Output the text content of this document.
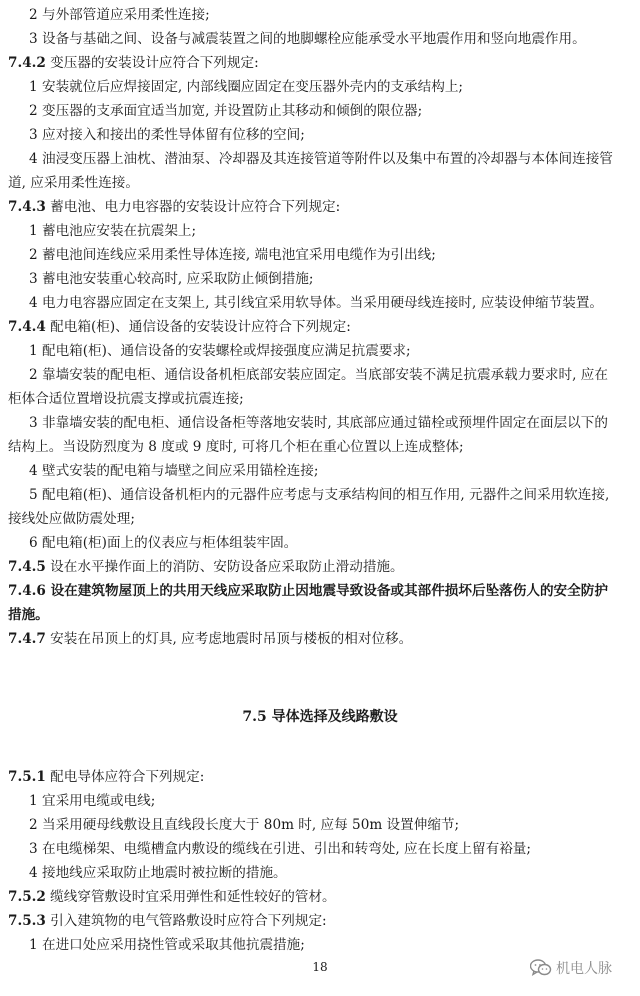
2 与外部管道应采用柔性连接;
3 设备与基础之间、设备与减震装置之间的地脚螺栓应能承受水平地震作用和竖向地震作用。
7.4.2 变压器的安装设计应符合下列规定:
1 安装就位后应焊接固定, 内部线圈应固定在变压器外壳内的支承结构上;
2 变压器的支承面宜适当加宽, 并设置防止其移动和倾倒的限位器;
3 应对接入和接出的柔性导体留有位移的空间;
4 油浸变压器上油枕、潜油泵、冷却器及其连接管道等附件以及集中布置的冷却器与本体间连接管
道, 应采用柔性连接。
7.4.3 蓄电池、电力电容器的安装设计应符合下列规定:
1 蓄电池应安装在抗震架上;
2 蓄电池间连线应采用柔性导体连接, 端电池宜采用电缆作为引出线;
3 蓄电池安装重心较高时, 应采取防止倾倒措施;
4 电力电容器应固定在支架上, 其引线宜采用软导体。当采用硬母线连接时, 应装设伸缩节装置。
7.4.4 配电箱(柜)、通信设备的安装设计应符合下列规定:
1 配电箱(柜)、通信设备的安装螺栓或焊接强度应满足抗震要求;
2 靠墙安装的配电柜、通信设备机柜底部安装应固定。当底部安装不满足抗震承载力要求时, 应在
柜体合适位置增设抗震支撑或抗震连接;
3 非靠墙安装的配电柜、通信设备柜等落地安装时, 其底部应通过锚栓或预埋件固定在面层以下的
结构上。当设防烈度为 8 度或 9 度时, 可将几个柜在重心位置以上连成整体;
4 壁式安装的配电箱与墙壁之间应采用锚栓连接;
5 配电箱(柜)、通信设备机柜内的元器件应考虑与支承结构间的相互作用, 元器件之间采用软连接,
接线处应做防震处理;
6 配电箱(柜)面上的仪表应与柜体组装牢固。
7.4.5 设在水平操作面上的消防、安防设备应采取防止滑动措施。
7.4.6 设在建筑物屋顶上的共用天线应采取防止因地震导致设备或其部件损坏后坠落伤人的安全防护
措施。
7.4.7 安装在吊顶上的灯具, 应考虑地震时吊顶与楼板的相对位移。
7.5 导体选择及线路敷设
7.5.1 配电导体应符合下列规定:
1 宜采用电缆或电线;
2 当采用硬母线敷设且直线段长度大于 80m 时, 应每 50m 设置伸缩节;
3 在电缆梯架、电缆槽盒内敷设的缆线在引进、引出和转弯处, 应在长度上留有裕量;
4 接地线应采取防止地震时被拉断的措施。
7.5.2 缆线穿管敷设时宜采用弹性和延性较好的管材。
7.5.3 引入建筑物的电气管路敷设时应符合下列规定:
1 在进口处应采用挠性管或采取其他抗震措施;
18	机电人脉
